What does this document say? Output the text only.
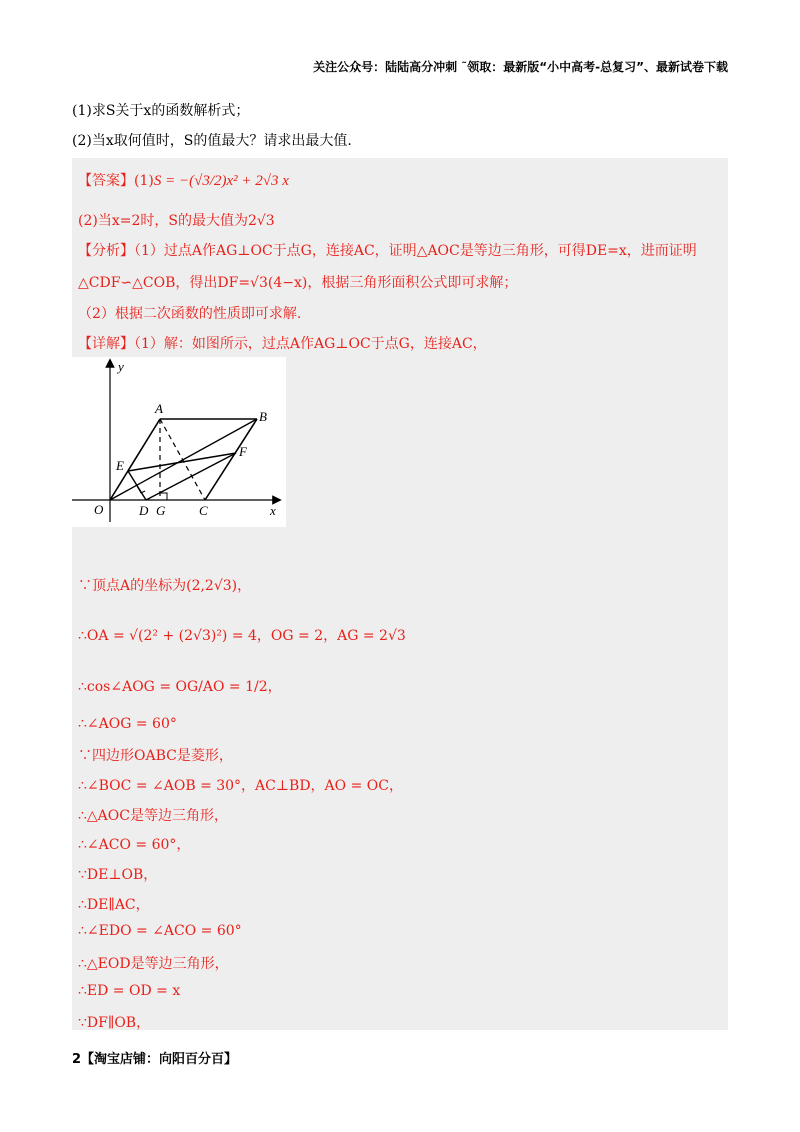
关注公众号：陆陆高分冲刺 ˜领取：最新版“小中高考-总复习”、最新试卷下载
(1)求S关于x的函数解析式；
(2)当x取何值时，S的值最大？请求出最大值.
【答案】(1)S = −(√3/2)x² + 2√3 x
(2)当x=2时，S的最大值为2√3
【分析】（1）过点A作AG⊥OC于点G，连接AC，证明△AOC是等边三角形，可得DE=x，进而证明
△CDF∽△COB，得出DF=√3(4−x)，根据三角形面积公式即可求解；
（2）根据二次函数的性质即可求解.
【详解】（1）解：如图所示，过点A作AG⊥OC于点G，连接AC，
y
x
O
A
B
C
D
E
F
G
∵顶点A的坐标为(2,2√3)，
∴OA = √(2² + (2√3)²) = 4，OG = 2，AG = 2√3
∴cos∠AOG = OG/AO = 1/2，
∴∠AOG = 60°
∵四边形OABC是菱形，
∴∠BOC = ∠AOB = 30°，AC⊥BD，AO = OC，
∴△AOC是等边三角形，
∴∠ACO = 60°，
∵DE⊥OB，
∴DE∥AC，
∴∠EDO = ∠ACO = 60°
∴△EOD是等边三角形，
∴ED = OD = x
∵DF∥OB，
2【淘宝店铺：向阳百分百】
